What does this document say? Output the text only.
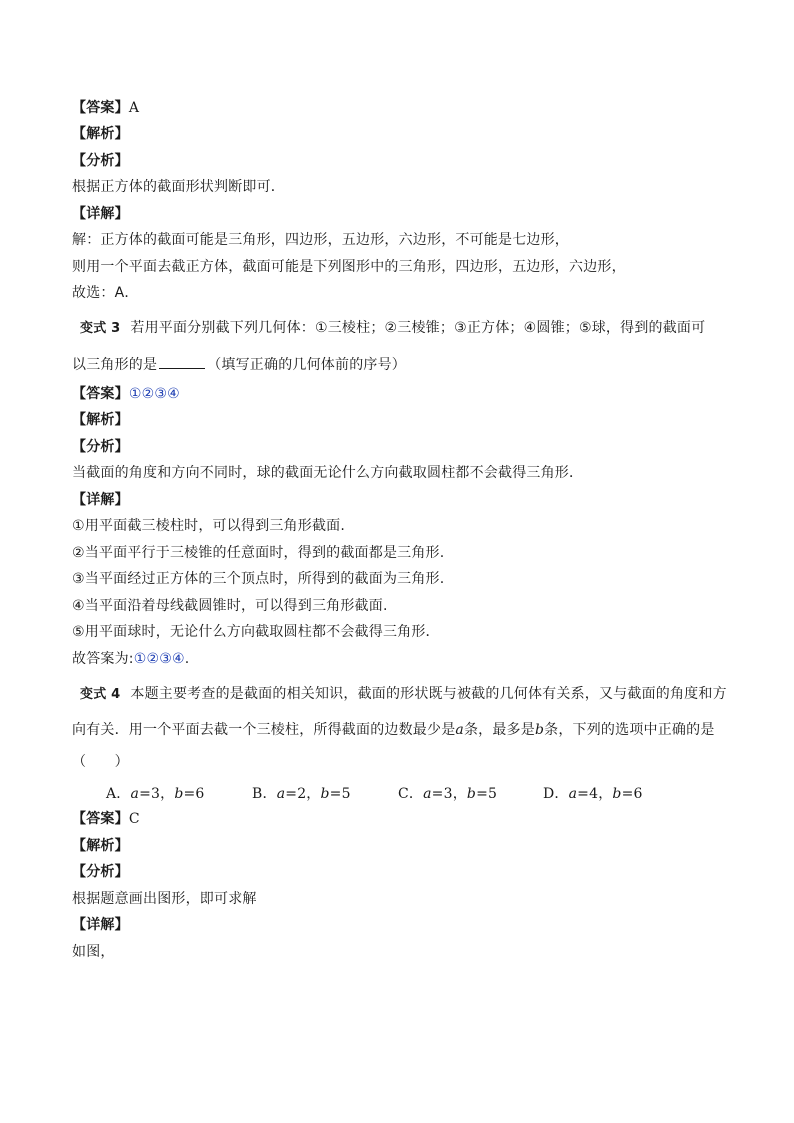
【答案】A
【解析】
【分析】
根据正方体的截面形状判断即可．
【详解】
解：正方体的截面可能是三角形，四边形，五边形，六边形，不可能是七边形，
则用一个平面去截正方体，截面可能是下列图形中的三角形，四边形，五边形，六边形，
故选：A．
变式 3 若用平面分别截下列几何体：①三棱柱；②三棱锥；③正方体；④圆锥；⑤球，得到的截面可
以三角形的是	（填写正确的几何体前的序号）
【答案】①②③④
【解析】
【分析】
当截面的角度和方向不同时，球的截面无论什么方向截取圆柱都不会截得三角形．
【详解】
①用平面截三棱柱时，可以得到三角形截面.
②当平面平行于三棱锥的任意面时，得到的截面都是三角形.
③当平面经过正方体的三个顶点时，所得到的截面为三角形.
④当平面沿着母线截圆锥时，可以得到三角形截面.
⑤用平面球时，无论什么方向截取圆柱都不会截得三角形．
故答案为:①②③④.
变式 4 本题主要考查的是截面的相关知识，截面的形状既与被截的几何体有关系，又与截面的角度和方
向有关．用一个平面去截一个三棱柱，所得截面的边数最少是a条，最多是b条，下列的选项中正确的是
（　　）
A．a=3，b=6	B．a=2，b=5	C．a=3，b=5	D．a=4，b=6
【答案】C
【解析】
【分析】
根据题意画出图形，即可求解
【详解】
如图，
